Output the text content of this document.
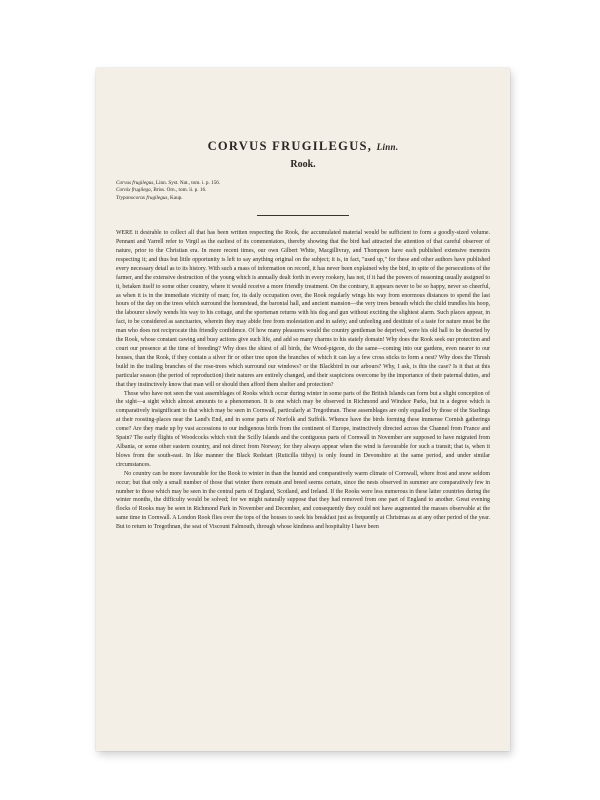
CORVUS FRUGILEGUS, Linn.
Rook.
Corvus frugilegus, Linn. Syst. Nat., tom. i. p. 156.
Cornix frugilega, Briss. Orn., tom. ii. p. 16.
Trypanocorax frugilegus, Kaup.

WERE it desirable to collect all that has been written respecting the Rook, the accumulated material would be sufficient to form a goodly-sized volume. Pennant and Yarrell refer to Virgil as the earliest of its commentators, thereby showing that the bird had attracted the attention of that careful observer of nature, prior to the Christian era. In more recent times, our own Gilbert White, Macgillivray, and Thompson have each published extensive memoirs respecting it; and thus but little opportunity is left to say anything original on the subject; it is, in fact, "used up," for these and other authors have published every necessary detail as to its history. With such a mass of information on record, it has never been explained why the bird, in spite of the persecutions of the farmer, and the extensive destruction of the young which is annually dealt forth in every rookery, has not, if it had the powers of reasoning usually assigned to it, betaken itself to some other country, where it would receive a more friendly treatment. On the contrary, it appears never to be so happy, never so cheerful, as when it is in the immediate vicinity of man; for, its daily occupation over, the Rook regularly wings his way from enormous distances to spend the last hours of the day on the trees which surround the homestead, the baronial hall, and ancient mansion—the very trees beneath which the child trundles his hoop, the labourer slowly wends his way to his cottage, and the sportsman returns with his dog and gun without exciting the slightest alarm. Such places appear, in fact, to be considered as sanctuaries, wherein they may abide free from molestation and in safety; and unfeeling and destitute of a taste for nature must be the man who does not reciprocate this friendly confidence. Of how many pleasures would the country gentleman be deprived, were his old hall to be deserted by the Rook, whose constant cawing and busy actions give such life, and add so many charms to his stately domain! Why does the Rook seek our protection and court our presence at the time of breeding? Why does the shiest of all birds, the Wood-pigeon, do the same—coming into our gardens, even nearer to our houses, than the Rook, if they contain a silver fir or other tree upon the branches of which it can lay a few cross sticks to form a nest? Why does the Thrush build in the trailing branches of the rose-trees which surround our windows? or the Blackbird in our arbours? Why, I ask, is this the case? Is it that at this particular season (the period of reproduction) their natures are entirely changed, and their suspicions overcome by the importance of their paternal duties, and that they instinctively know that man will or should then afford them shelter and protection?

Those who have not seen the vast assemblages of Rooks which occur during winter in some parts of the British Islands can form but a slight conception of the sight—a sight which almost amounts to a phenomenon. It is one which may be observed in Richmond and Windsor Parks, but in a degree which is comparatively insignificant to that which may be seen in Cornwall, particularly at Tregothnan. These assemblages are only equalled by those of the Starlings at their roosting-places near the Land's End, and in some parts of Norfolk and Suffolk. Whence have the birds forming these immense Cornish gatherings come? Are they made up by vast accessions to our indigenous birds from the continent of Europe, instinctively directed across the Channel from France and Spain? The early flights of Woodcocks which visit the Scilly Islands and the contiguous parts of Cornwall in November are supposed to have migrated from Albania, or some other eastern country, and not direct from Norway; for they always appear when the wind is favourable for such a transit; that is, when it blows from the south-east. In like manner the Black Redstart (Ruticilla tithys) is only found in Devonshire at the same period, and under similar circumstances.

No country can be more favourable for the Rook to winter in than the humid and comparatively warm climate of Cornwall, where frost and snow seldom occur; but that only a small number of those that winter there remain and breed seems certain, since the nests observed in summer are comparatively few in number to those which may be seen in the central parts of England, Scotland, and Ireland. If the Rooks were less numerous in these latter countries during the winter months, the difficulty would be solved; for we might naturally suppose that they had removed from one part of England to another. Great evening flocks of Rooks may be seen in Richmond Park in November and December, and consequently they could not have augmented the masses observable at the same time in Cornwall. A London Rook flies over the tops of the houses to seek his breakfast just as frequently at Christmas as at any other period of the year. But to return to Tregothnan, the seat of Viscount Falmouth, through whose kindness and hospitality I have been
